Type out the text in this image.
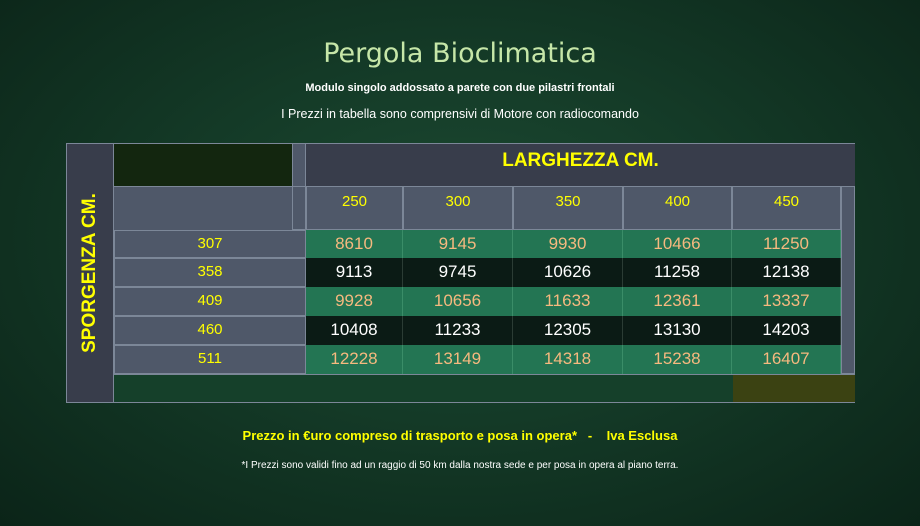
Pergola Bioclimatica
Modulo singolo addossato a parete con due pilastri frontali
I Prezzi in tabella sono comprensivi di Motore con radiocomando
SPORGENZA CM.
LARGHEZZA CM.
250	300	350	400	450
307	8610	9145	9930	10466	11250
358	9113	9745	10626	11258	12138
409	9928	10656	11633	12361	13337
460	10408	11233	12305	13130	14203
511	12228	13149	14318	15238	16407
Prezzo in €uro compreso di trasporto e posa in opera*   -    Iva Esclusa
*I Prezzi sono validi fino ad un raggio di 50 km dalla nostra sede e per posa in opera al piano terra.
